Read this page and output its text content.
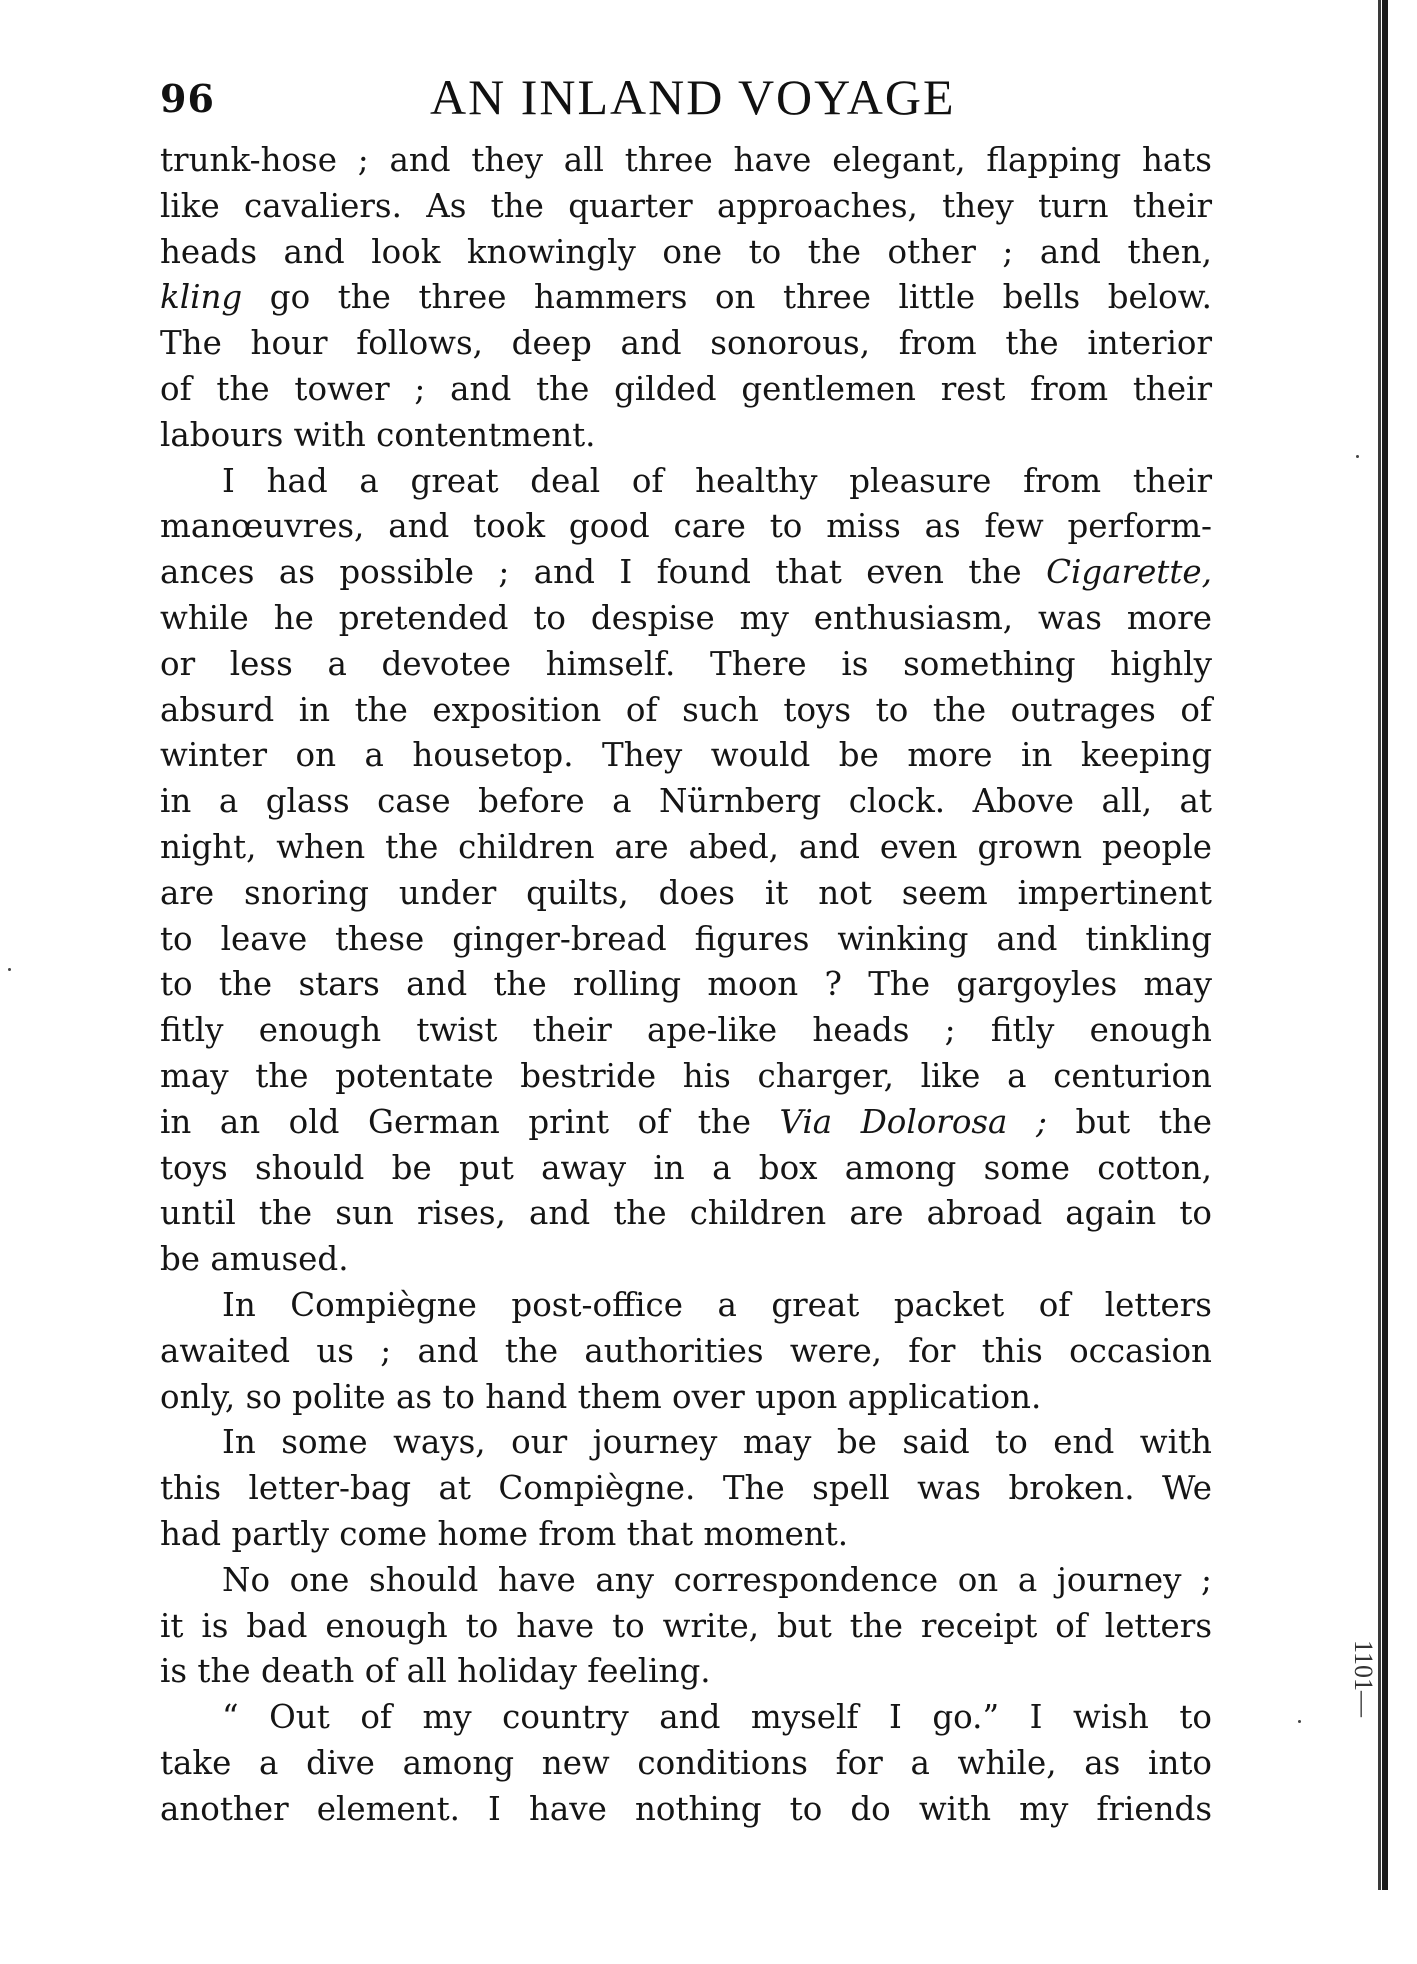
96	AN INLAND VOYAGE
trunk-hose ; and they all three have elegant, flapping hats
like cavaliers. As the quarter approaches, they turn their
heads and look knowingly one to the other ; and then,
kling go the three hammers on three little bells below.
The hour follows, deep and sonorous, from the interior
of the tower ; and the gilded gentlemen rest from their
labours with contentment.
I had a great deal of healthy pleasure from their
manœuvres, and took good care to miss as few perform-
ances as possible ; and I found that even the Cigarette,
while he pretended to despise my enthusiasm, was more
or less a devotee himself. There is something highly
absurd in the exposition of such toys to the outrages of
winter on a housetop. They would be more in keeping
in a glass case before a Nürnberg clock. Above all, at
night, when the children are abed, and even grown people
are snoring under quilts, does it not seem impertinent
to leave these ginger-bread figures winking and tinkling
to the stars and the rolling moon ? The gargoyles may
fitly enough twist their ape-like heads ; fitly enough
may the potentate bestride his charger, like a centurion
in an old German print of the Via Dolorosa ; but the
toys should be put away in a box among some cotton,
until the sun rises, and the children are abroad again to
be amused.
In Compiègne post-office a great packet of letters
awaited us ; and the authorities were, for this occasion
only, so polite as to hand them over upon application.
In some ways, our journey may be said to end with
this letter-bag at Compiègne. The spell was broken. We
had partly come home from that moment.
No one should have any correspondence on a journey ;
it is bad enough to have to write, but the receipt of letters
is the death of all holiday feeling.
“ Out of my country and myself I go.” I wish to
take a dive among new conditions for a while, as into
another element. I have nothing to do with my friends
1101—
